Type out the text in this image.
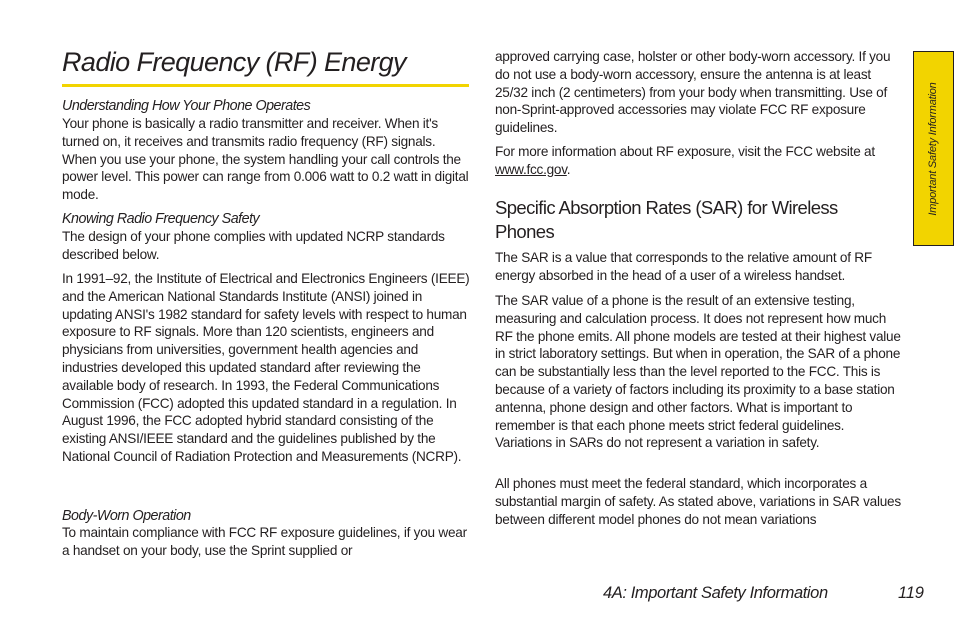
Radio Frequency (RF) Energy

Understanding How Your Phone Operates

Your phone is basically a radio transmitter and receiver. When it's turned on, it receives and transmits radio frequency (RF) signals. When you use your phone, the system handling your call controls the power level. This power can range from 0.006 watt to 0.2 watt in digital mode.

Knowing Radio Frequency Safety

The design of your phone complies with updated NCRP standards described below.

In 1991–92, the Institute of Electrical and Electronics Engineers (IEEE) and the American National Standards Institute (ANSI) joined in updating ANSI's 1982 standard for safety levels with respect to human exposure to RF signals. More than 120 scientists, engineers and physicians from universities, government health agencies and industries developed this updated standard after reviewing the available body of research. In 1993, the Federal Communications Commission (FCC) adopted this updated standard in a regulation. In August 1996, the FCC adopted hybrid standard consisting of the existing ANSI/IEEE standard and the guidelines published by the National Council of Radiation Protection and Measurements (NCRP).

Body-Worn Operation

To maintain compliance with FCC RF exposure guidelines, if you wear a handset on your body, use the Sprint supplied or

approved carrying case, holster or other body-worn accessory. If you do not use a body-worn accessory, ensure the antenna is at least 25/32 inch (2 centimeters) from your body when transmitting. Use of non-Sprint-approved accessories may violate FCC RF exposure guidelines.

For more information about RF exposure, visit the FCC website at www.fcc.gov.

Specific Absorption Rates (SAR) for Wireless Phones

The SAR is a value that corresponds to the relative amount of RF energy absorbed in the head of a user of a wireless handset.

The SAR value of a phone is the result of an extensive testing, measuring and calculation process. It does not represent how much RF the phone emits. All phone models are tested at their highest value in strict laboratory settings. But when in operation, the SAR of a phone can be substantially less than the level reported to the FCC. This is because of a variety of factors including its proximity to a base station antenna, phone design and other factors. What is important to remember is that each phone meets strict federal guidelines. Variations in SARs do not represent a variation in safety.

All phones must meet the federal standard, which incorporates a substantial margin of safety. As stated above, variations in SAR values between different model phones do not mean variations

Important Safety Information

4A: Important Safety Information	119
